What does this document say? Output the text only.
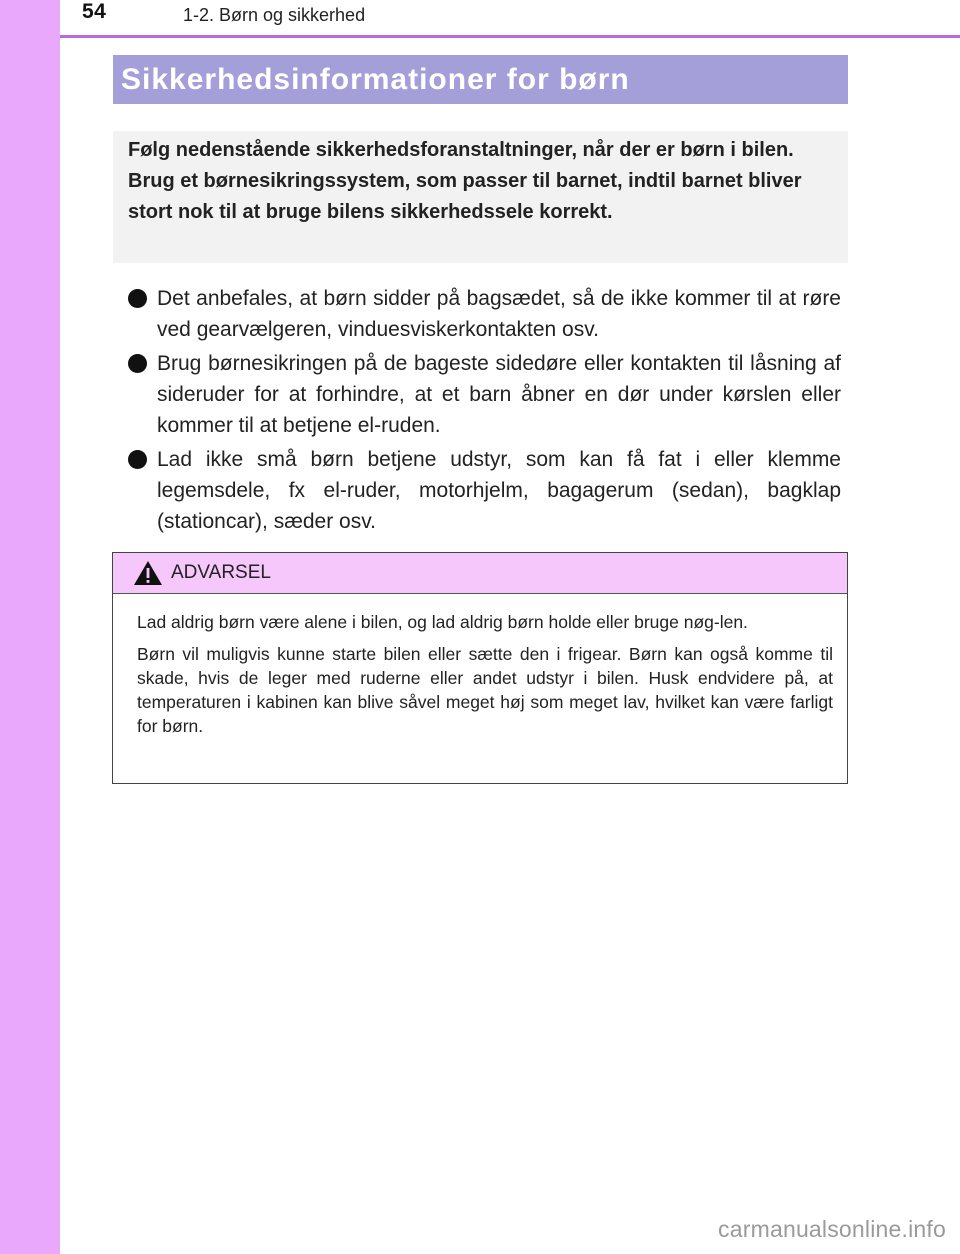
54	1-2. Børn og sikkerhed
Sikkerhedsinformationer for børn

Følg nedenstående sikkerhedsforanstaltninger, når der er børn i bilen.

Brug et børnesikringssystem, som passer til barnet, indtil barnet bliver stort nok til at bruge bilens sikkerhedssele korrekt.

Det anbefales, at børn sidder på bagsædet, så de ikke kommer til at røre ved gearvælgeren, vinduesviskerkontakten osv.
Brug børnesikringen på de bageste sidedøre eller kontakten til låsning af sideruder for at forhindre, at et barn åbner en dør under kørslen eller kommer til at betjene el-ruden.
Lad ikke små børn betjene udstyr, som kan få fat i eller klemme legemsdele, fx el-ruder, motorhjelm, bagagerum (sedan), bagklap (stationcar), sæder osv.
ADVARSEL

Lad aldrig børn være alene i bilen, og lad aldrig børn holde eller bruge nøg-len.

Børn vil muligvis kunne starte bilen eller sætte den i frigear. Børn kan også komme til skade, hvis de leger med ruderne eller andet udstyr i bilen. Husk endvidere på, at temperaturen i kabinen kan blive såvel meget høj som meget lav, hvilket kan være farligt for børn.

carmanualsonline.info
